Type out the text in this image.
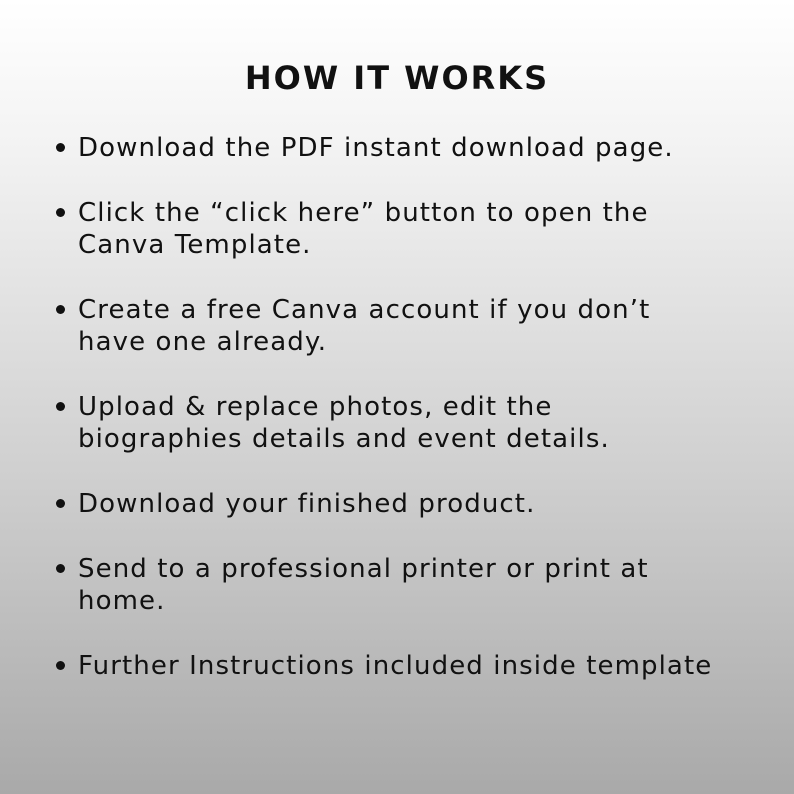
HOW IT WORKS
Download the PDF instant download page.
Click the “click here” button to open the
Canva Template.
Create a free Canva account if you don’t
have one already.
Upload & replace photos, edit the
biographies details and event details.
Download your finished product.
Send to a professional printer or print at
home.
Further Instructions included inside template
